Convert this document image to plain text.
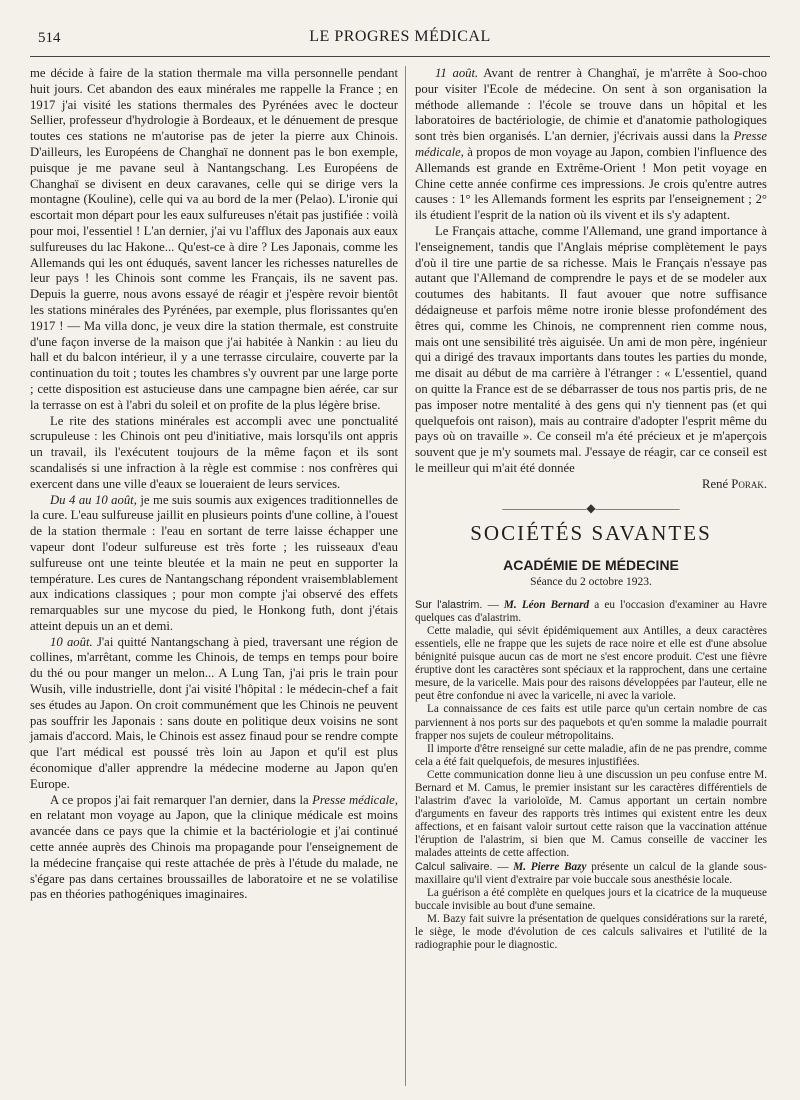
514	LE PROGRES MÉDICAL

me décide à faire de la station thermale ma villa personnelle pendant huit jours. Cet abandon des eaux minérales me rappelle la France ; en 1917 j'ai visité les stations thermales des Pyrénées avec le docteur Sellier, professeur d'hydrologie à Bordeaux, et le dénuement de presque toutes ces stations ne m'autorise pas de jeter la pierre aux Chinois. D'ailleurs, les Européens de Changhaï ne donnent pas le bon exemple, puisque je me pavane seul à Nantangschang. Les Européens de Changhaï se divisent en deux caravanes, celle qui se dirige vers la montagne (Kouline), celle qui va au bord de la mer (Pelao). L'ironie qui escortait mon départ pour les eaux sulfureuses n'était pas justifiée : voilà pour moi, l'essentiel ! L'an dernier, j'ai vu l'afflux des Japonais aux eaux sulfureuses du lac Hakone... Qu'est-ce à dire ? Les Japonais, comme les Allemands qui les ont éduqués, savent lancer les richesses naturelles de leur pays ! les Chinois sont comme les Français, ils ne savent pas. Depuis la guerre, nous avons essayé de réagir et j'espère revoir bientôt les stations minérales des Pyrénées, par exemple, plus florissantes qu'en 1917 ! — Ma villa donc, je veux dire la station thermale, est construite d'une façon inverse de la maison que j'ai habitée à Nankin : au lieu du hall et du balcon intérieur, il y a une terrasse circulaire, couverte par la continuation du toit ; toutes les chambres s'y ouvrent par une large porte ; cette disposition est astucieuse dans une campagne bien aérée, car sur la terrasse on est à l'abri du soleil et on profite de la plus légère brise.

Le rite des stations minérales est accompli avec une ponctualité scrupuleuse : les Chinois ont peu d'initiative, mais lorsqu'ils ont appris un travail, ils l'exécutent toujours de la même façon et ils sont scandalisés si une infraction à la règle est commise : nos confrères qui exercent dans une ville d'eaux se loueraient de leurs services.

Du 4 au 10 août, je me suis soumis aux exigences traditionnelles de la cure. L'eau sulfureuse jaillit en plusieurs points d'une colline, à l'ouest de la station thermale : l'eau en sortant de terre laisse échapper une vapeur dont l'odeur sulfureuse est très forte ; les ruisseaux d'eau sulfureuse ont une teinte bleutée et la main ne peut en supporter la température. Les cures de Nantangschang répondent vraisemblablement aux indications classiques ; pour mon compte j'ai observé des effets remarquables sur une mycose du pied, le Honkong futh, dont j'étais atteint depuis un an et demi.

10 août. J'ai quitté Nantangschang à pied, traversant une région de collines, m'arrêtant, comme les Chinois, de temps en temps pour boire du thé ou pour manger un melon... A Lung Tan, j'ai pris le train pour Wusih, ville industrielle, dont j'ai visité l'hôpital : le médecin-chef a fait ses études au Japon. On croit communément que les Chinois ne peuvent pas souffrir les Japonais : sans doute en politique deux voisins ne sont jamais d'accord. Mais, le Chinois est assez finaud pour se rendre compte que l'art médical est poussé très loin au Japon et qu'il est plus économique d'aller apprendre la médecine moderne au Japon qu'en Europe.

A ce propos j'ai fait remarquer l'an dernier, dans la Presse médicale, en relatant mon voyage au Japon, que la clinique médicale est moins avancée dans ce pays que la chimie et la bactériologie et j'ai continué cette année auprès des Chinois ma propagande pour l'enseignement de la médecine française qui reste attachée de près à l'étude du malade, ne s'égare pas dans certaines broussailles de laboratoire et ne se volatilise pas en théories pathogéniques imaginaires.

11 août. Avant de rentrer à Changhaï, je m'arrête à Soo-choo pour visiter l'Ecole de médecine. On sent à son organisation la méthode allemande : l'école se trouve dans un hôpital et les laboratoires de bactériologie, de chimie et d'anatomie pathologiques sont très bien organisés. L'an dernier, j'écrivais aussi dans la Presse médicale, à propos de mon voyage au Japon, combien l'influence des Allemands est grande en Extrême-Orient ! Mon petit voyage en Chine cette année confirme ces impressions. Je crois qu'entre autres causes : 1° les Allemands forment les esprits par l'enseignement ; 2° ils étudient l'esprit de la nation où ils vivent et ils s'y adaptent.

Le Français attache, comme l'Allemand, une grand importance à l'enseignement, tandis que l'Anglais méprise complètement le pays d'où il tire une partie de sa richesse. Mais le Français n'essaye pas autant que l'Allemand de comprendre le pays et de se modeler aux coutumes des habitants. Il faut avouer que notre suffisance dédaigneuse et parfois même notre ironie blesse profondément des êtres qui, comme les Chinois, ne comprennent rien comme nous, mais ont une sensibilité très aiguisée. Un ami de mon père, ingénieur qui a dirigé des travaux importants dans toutes les parties du monde, me disait au début de ma carrière à l'étranger : « L'essentiel, quand on quitte la France est de se débarrasser de tous nos partis pris, de ne pas imposer notre mentalité à des gens qui n'y tiennent pas (et qui quelquefois ont raison), mais au contraire d'adopter l'esprit même du pays où on travaille ». Ce conseil m'a été précieux et je m'aperçois souvent que je m'y soumets mal. J'essaye de réagir, car ce conseil est le meilleur qui m'ait été donnée

René Porak.

———————◆———————
SOCIÉTÉS SAVANTES
ACADÉMIE DE MÉDECINE
Séance du 2 octobre 1923.

Sur l'alastrim. — M. Léon Bernard a eu l'occasion d'examiner au Havre quelques cas d'alastrim.

Cette maladie, qui sévit épidémiquement aux Antilles, a deux caractères essentiels, elle ne frappe que les sujets de race noire et elle est d'une absolue bénignité puisque aucun cas de mort ne s'est encore produit. C'est une fièvre éruptive dont les caractères sont spéciaux et la rapprochent, dans une certaine mesure, de la varicelle. Mais pour des raisons développées par l'auteur, elle ne peut être confondue ni avec la varicelle, ni avec la variole.

La connaissance de ces faits est utile parce qu'un certain nombre de cas parviennent à nos ports sur des paquebots et qu'en somme la maladie pourrait frapper nos sujets de couleur métropolitains.

Il importe d'être renseigné sur cette maladie, afin de ne pas prendre, comme cela a été fait quelquefois, de mesures injustifiées.

Cette communication donne lieu à une discussion un peu confuse entre M. Bernard et M. Camus, le premier insistant sur les caractères différentiels de l'alastrim d'avec la varioloïde, M. Camus apportant un certain nombre d'arguments en faveur des rapports très intimes qui existent entre les deux affections, et en faisant valoir surtout cette raison que la vaccination atténue l'éruption de l'alastrim, si bien que M. Camus conseille de vacciner les malades atteints de cette affection.

Calcul salivaire. — M. Pierre Bazy présente un calcul de la glande sous-maxillaire qu'il vient d'extraire par voie buccale sous anesthésie locale.

La guérison a été complète en quelques jours et la cicatrice de la muqueuse buccale invisible au bout d'une semaine.

M. Bazy fait suivre la présentation de quelques considérations sur la rareté, le siège, le mode d'évolution de ces calculs salivaires et l'utilité de la radiographie pour le diagnostic.
